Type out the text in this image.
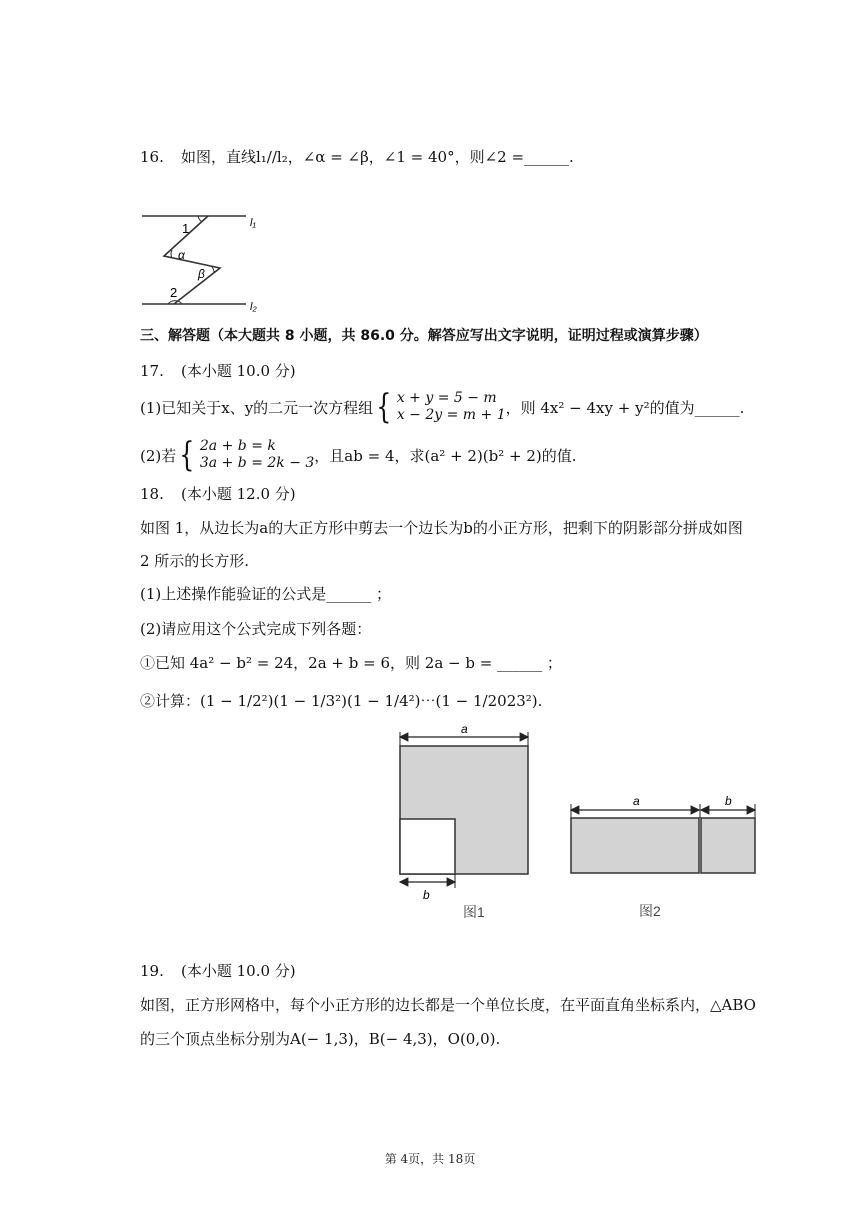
16. 如图，直线l₁//l₂，∠α = ∠β，∠1 = 40°，则∠2 =______.
l₁
l₂
1
α
β
2
三、解答题（本大题共 8 小题，共 86.0 分。解答应写出文字说明，证明过程或演算步骤）
17. (本小题 10.0 分)
(1)已知关于x、y的二元一次方程组 { x + y = 5 − m
x − 2y = m + 1 ，则 4x² − 4xy + y²的值为______.
(2)若 { 2a + b = k
3a + b = 2k − 3 ，且ab = 4，求(a² + 2)(b² + 2)的值.
18. (本小题 12.0 分)
如图 1，从边长为a的大正方形中剪去一个边长为b的小正方形，把剩下的阴影部分拼成如图
2 所示的长方形.
(1)上述操作能验证的公式是______ ；
(2)请应用这个公式完成下列各题：
①已知 4a² − b² = 24，2a + b = 6，则 2a − b = ______ ；
②计算：(1 − 1/2²)(1 − 1/3²)(1 − 1/4²)⋯(1 − 1/2023²).
a
b
图1
a	b
图2
19. (本小题 10.0 分)
如图，正方形网格中，每个小正方形的边长都是一个单位长度，在平面直角坐标系内，△ABO
的三个顶点坐标分别为A(− 1,3)，B(− 4,3)，O(0,0).
第 4页，共 18页
